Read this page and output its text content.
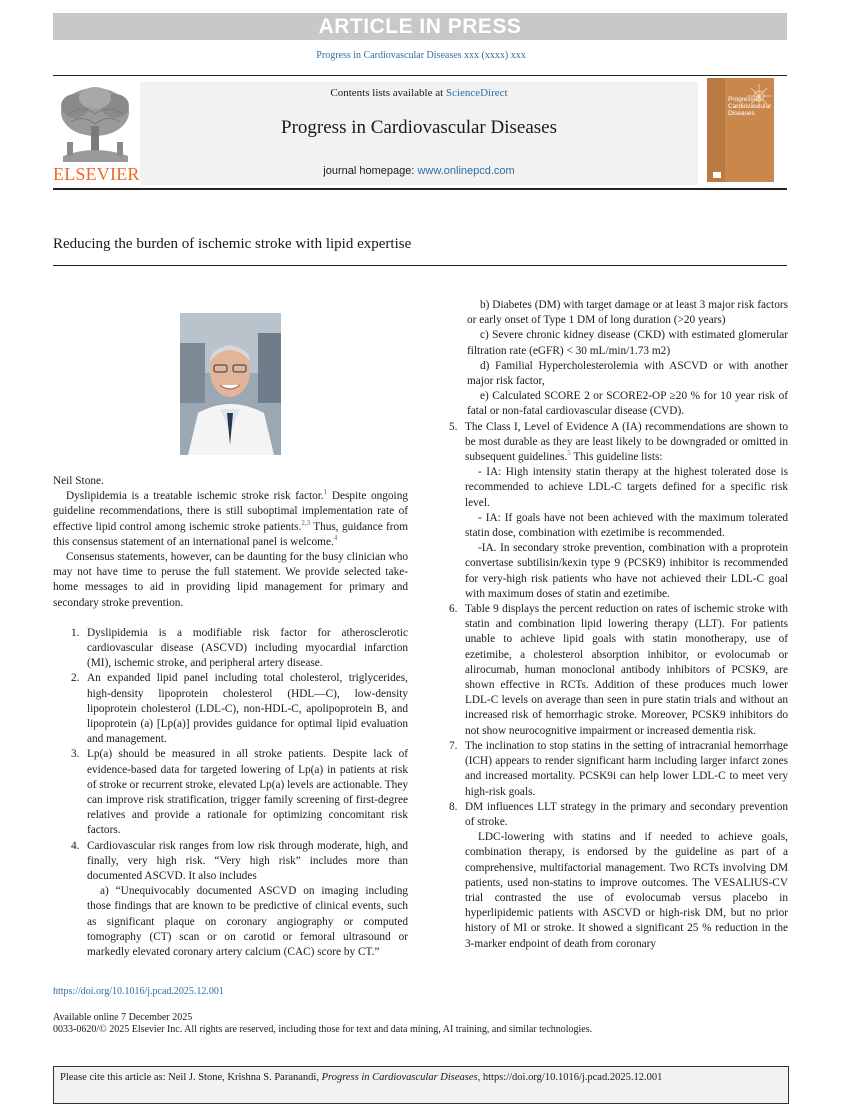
ARTICLE IN PRESS
Progress in Cardiovascular Diseases xxx (xxxx) xxx
ELSEVIER
Contents lists available at ScienceDirect
Progress in Cardiovascular Diseases
journal homepage: www.onlinepcd.com
Progress in Cardiovascular Diseases
Reducing the burden of ischemic stroke with lipid expertise

Neil Stone.

Dyslipidemia is a treatable ischemic stroke risk factor.$^1$ Despite ongoing guideline recommendations, there is still suboptimal implementation rate of effective lipid control among ischemic stroke patients.$^{2,3}$ Thus, guidance from this consensus statement of an international panel is welcome.$^4$

Consensus statements, however, can be daunting for the busy clinician who may not have time to peruse the full statement. We provide selected take-home messages to aid in providing lipid management for primary and secondary stroke prevention.

1. Dyslipidemia is a modifiable risk factor for atherosclerotic cardiovascular disease (ASCVD) including myocardial infarction (MI), ischemic stroke, and peripheral artery disease.

2. An expanded lipid panel including total cholesterol, triglycerides, high-density lipoprotein cholesterol (HDL—C), low-density lipoprotein cholesterol (LDL-C), non-HDL-C, apolipoprotein B, and lipoprotein (a) [Lp(a)] provides guidance for optimal lipid evaluation and management.

3. Lp(a) should be measured in all stroke patients. Despite lack of evidence-based data for targeted lowering of Lp(a) in patients at risk of stroke or recurrent stroke, elevated Lp(a) levels are actionable. They can improve risk stratification, trigger family screening of first-degree relatives and provide a rationale for optimizing concomitant risk factors.

4. Cardiovascular risk ranges from low risk through moderate, high, and finally, very high risk. “Very high risk” includes more than documented ASCVD. It also includes

a) “Unequivocably documented ASCVD on imaging including those findings that are known to be predictive of clinical events, such as significant plaque on coronary angiography or computed tomography (CT) scan or on carotid or femoral ultrasound or markedly elevated coronary artery calcium (CAC) score by CT.”

b) Diabetes (DM) with target damage or at least 3 major risk factors or early onset of Type 1 DM of long duration (>20 years)

c) Severe chronic kidney disease (CKD) with estimated glomerular filtration rate (eGFR) < 30 mL/min/1.73 m2)

d) Familial Hypercholesterolemia with ASCVD or with another major risk factor,

e) Calculated SCORE 2 or SCORE2-OP ≥20 % for 10 year risk of fatal or non-fatal cardiovascular disease (CVD).

5. The Class I, Level of Evidence A (IA) recommendations are shown to be most durable as they are least likely to be downgraded or omitted in subsequent guidelines.$^5$ This guideline lists:

- IA: High intensity statin therapy at the highest tolerated dose is recommended to achieve LDL-C targets defined for a specific risk level.

- IA: If goals have not been achieved with the maximum tolerated statin dose, combination with ezetimibe is recommended.

-IA. In secondary stroke prevention, combination with a proprotein convertase subtilisin/kexin type 9 (PCSK9) inhibitor is recommended for very-high risk patients who have not achieved their LDL-C goal with maximum doses of statin and ezetimibe.

6. Table 9 displays the percent reduction on rates of ischemic stroke with statin and combination lipid lowering therapy (LLT). For patients unable to achieve lipid goals with statin monotherapy, use of ezetimibe, a cholesterol absorption inhibitor, or evolocumab or alirocumab, human monoclonal antibody inhibitors of PCSK9, are shown effective in RCTs. Addition of these produces much lower LDL-C levels on average than seen in pure statin trials and without an increased risk of hemorrhagic stroke. Moreover, PCSK9 inhibitors do not show neurocognitive impairment or increased dementia risk.

7. The inclination to stop statins in the setting of intracranial hemorrhage (ICH) appears to render significant harm including larger infarct zones and increased mortality. PCSK9i can help lower LDL-C to meet very high-risk goals.

8. DM influences LLT strategy in the primary and secondary prevention of stroke.

LDC-lowering with statins and if needed to achieve goals, combination therapy, is endorsed by the guideline as part of a comprehensive, multifactorial management. Two RCTs involving DM patients, used non-statins to improve outcomes. The VESALIUS-CV trial contrasted the use of evolocumab versus placebo in hyperlipidemic patients with ASCVD or high-risk DM, but no prior history of MI or stroke. It showed a significant 25 % reduction in the 3-marker endpoint of death from coronary

https://doi.org/10.1016/j.pcad.2025.12.001
Available online 7 December 2025
0033-0620/© 2025 Elsevier Inc. All rights are reserved, including those for text and data mining, AI training, and similar technologies.
Please cite this article as: Neil J. Stone, Krishna S. Paranandi, Progress in Cardiovascular Diseases, https://doi.org/10.1016/j.pcad.2025.12.001
